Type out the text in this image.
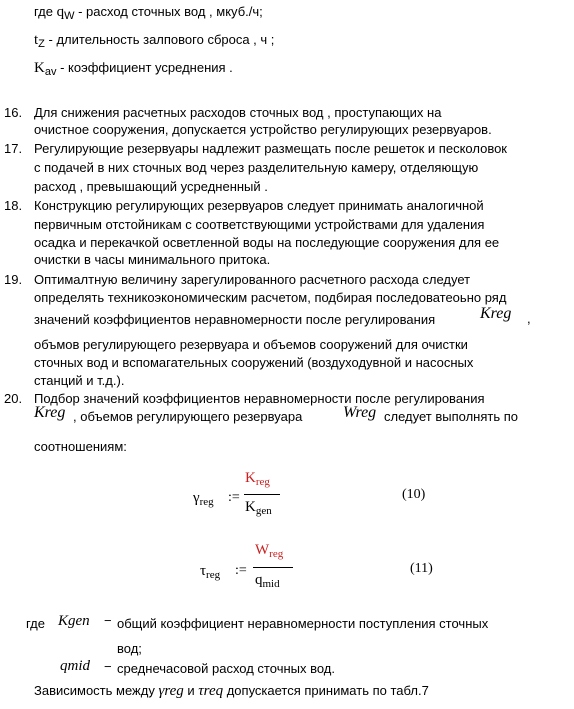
где $q_W$ - расход сточных вод , мкуб./ч;
$t_Z$ - длительность залпового сброса , ч ;
$K_{av}$ - коэффициент усреднения .
16. Для снижения расчетных расходов сточных вод , проступающих на
очистное сооружения, допускается устройство регулирующих резервуаров.
17. Регулирующие резервуары надлежит размещать после решеток и песколовок
с подачей в них сточных вод через разделительную камеру, отделяющую
расход , превышающий усредненный .
18. Конструкцию регулирующих резервуаров следует принимать аналогичной
первичным отстойникам с соответствующими устройствами для удаления
осадка и перекачкой осветленной воды на последующие сооружения для ее
очистки в часы минимального притока.
19. Оптималтную величину зарегулированного расчетного расхода следует
определять техникоэкономическим расчетом, подбирая последоватеоьно ряд
значений коэффициентов неравномерности после регулирования	Kreg ,
объмов регулирующего резервуара и объемов сооружений для очистки
сточных вод и вспомагательных сооружений (воздуходувной и насосных
станций и т.д.).
20. Подбор значений коэффициентов неравномерности после регулирования
Kreg , объемов регулирующего резервуара	Wreg следует выполнять по
соотношениям:
$\gamma_{reg}$ :=
$K_{reg}$
$K_{gen}$
(10)
$\tau_{reg}$ :=
$W_{reg}$
$q_{mid}$
(11)
где Kgen − общий коэффициент неравномерности поступления сточных
вод;
qmid − среднечасовой расход сточных вод.
Зависимость между γreg и τreq допускается принимать по табл.7
